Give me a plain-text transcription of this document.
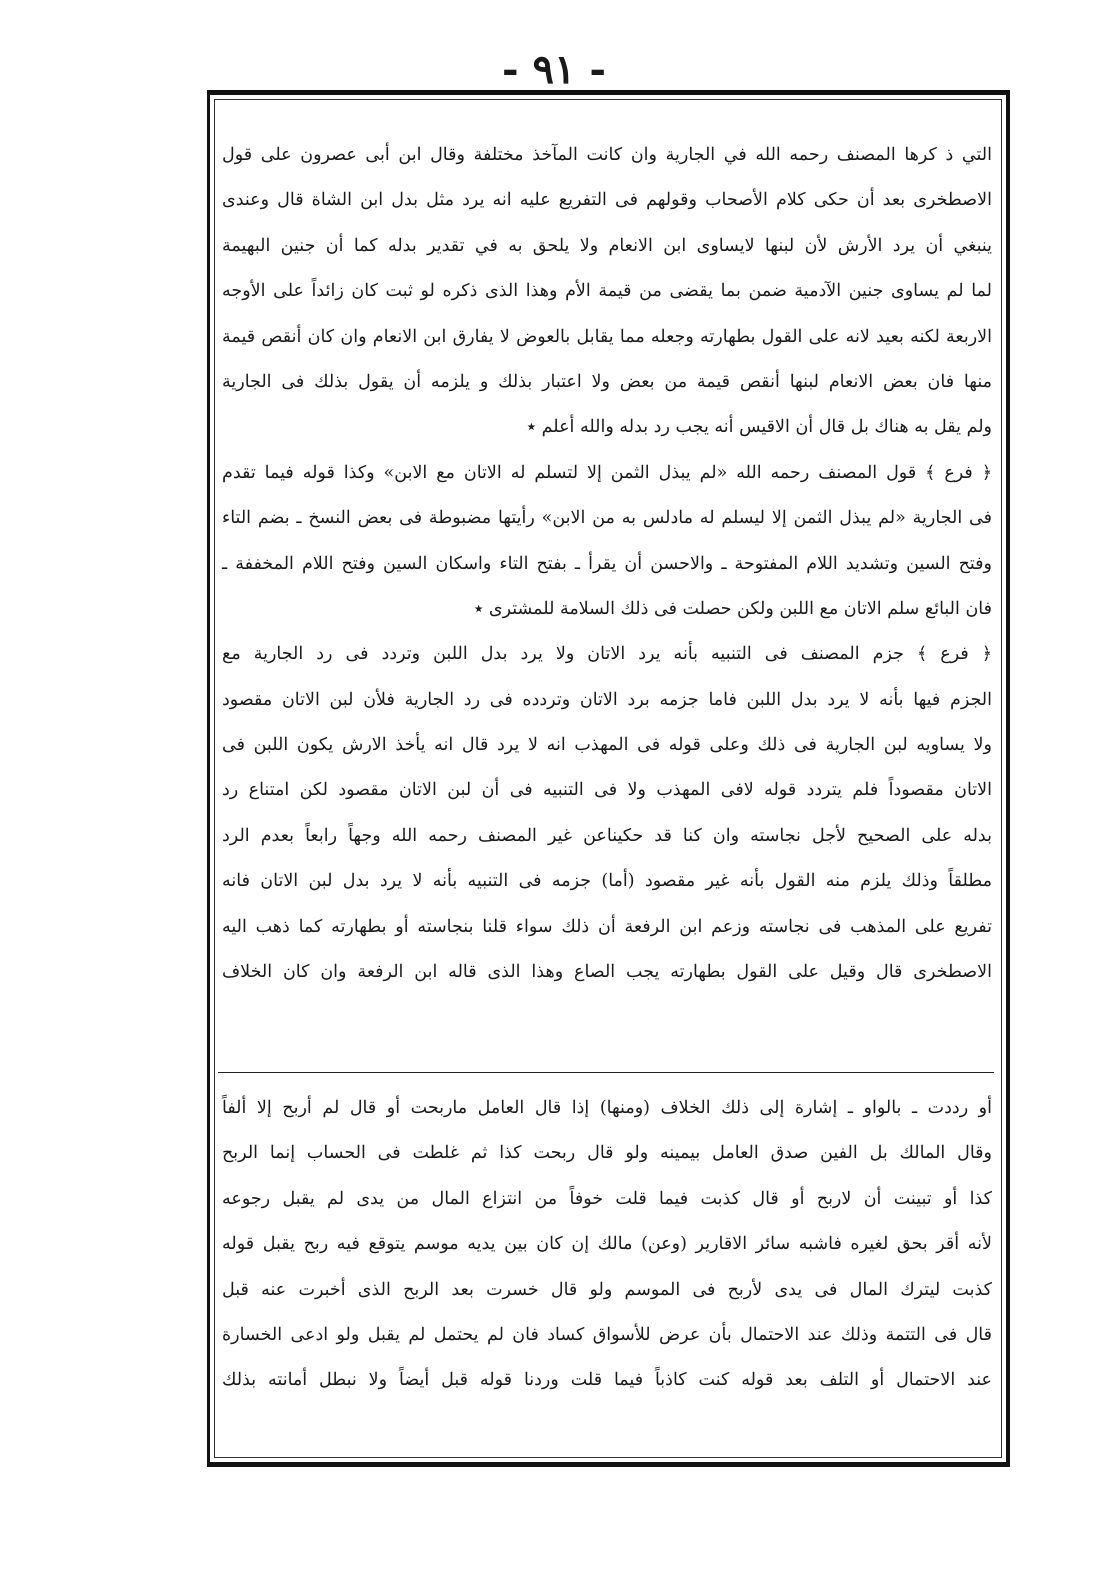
- ٩١ -
التي ذ كرها المصنف رحمه الله في الجارية وان كانت المآخذ مختلفة وقال ابن أبى عصرون على قول
الاصطخرى بعد أن حكى كلام الأصحاب وقولهم فى التفريع عليه انه يرد مثل بدل ابن الشاة قال وعندى
ينبغي أن يرد الأرش لأن لبنها لايساوى ابن الانعام ولا يلحق به في تقدير بدله كما أن جنين البهيمة
لما لم يساوى جنين الآدمية ضمن بما يقضى من قيمة الأم وهذا الذى ذكره لو ثبت كان زائداً على الأوجه
الاربعة لكنه بعيد لانه على القول بطهارته وجعله مما يقابل بالعوض لا يفارق ابن الانعام وان كان أنقص قيمة
منها فان بعض الانعام لبنها أنقص قيمة من بعض ولا اعتبار بذلك و يلزمه أن يقول بذلك فى الجارية
ولم يقل به هناك بل قال أن الاقيس أنه يجب رد بدله والله أعلم ٭
﴿ فرع ﴾ قول المصنف رحمه الله «لم يبذل الثمن إلا لتسلم له الاتان مع الابن» وكذا قوله فيما تقدم
فى الجارية «لم يبذل الثمن إلا ليسلم له مادلس به من الابن» رأيتها مضبوطة فى بعض النسخ ـ بضم التاء
وفتح السين وتشديد اللام المفتوحة ـ والاحسن أن يقرأ ـ بفتح التاء واسكان السين وفتح اللام المخففة ـ
فان البائع سلم الاتان مع اللبن ولكن حصلت فى ذلك السلامة للمشترى ٭
﴿ فرع ﴾ جزم المصنف فى التنبيه بأنه يرد الاتان ولا يرد بدل اللبن وتردد فى رد الجارية مع
الجزم فيها بأنه لا يرد بدل اللبن فاما جزمه برد الاتان وتردده فى رد الجارية فلأن لبن الاتان مقصود
ولا يساويه لبن الجارية فى ذلك وعلى قوله فى المهذب انه لا يرد قال انه يأخذ الارش يكون اللبن فى
الاتان مقصوداً فلم يتردد قوله لافى المهذب ولا فى التنبيه فى أن لبن الاتان مقصود لكن امتناع رد
بدله على الصحيح لأجل نجاسته وان كنا قد حكيناعن غير المصنف رحمه الله وجهاً رابعاً بعدم الرد
مطلقاً وذلك يلزم منه القول بأنه غير مقصود (أما) جزمه فى التنبيه بأنه لا يرد بدل لبن الاتان فانه
تفريع على المذهب فى نجاسته وزعم ابن الرفعة أن ذلك سواء قلنا بنجاسته أو بطهارته كما ذهب اليه
الاصطخرى قال وقيل على القول بطهارته يجب الصاع وهذا الذى قاله ابن الرفعة وان كان الخلاف
أو رددت ـ بالواو ـ إشارة إلى ذلك الخلاف (ومنها) إذا قال العامل ماربحت أو قال لم أربح إلا ألفاً
وقال المالك بل الفين صدق العامل بيمينه ولو قال ربحت كذا ثم غلطت فى الحساب إنما الربح
كذا أو تبينت أن لاربح أو قال كذبت فيما قلت خوفاً من انتزاع المال من يدى لم يقبل رجوعه
لأنه أقر بحق لغيره فاشبه سائر الاقارير (وعن) مالك إن كان بين يديه موسم يتوقع فيه ربح يقبل قوله
كذبت ليترك المال فى يدى لأربح فى الموسم ولو قال خسرت بعد الربح الذى أخبرت عنه قبل
قال فى التتمة وذلك عند الاحتمال بأن عرض للأسواق كساد فان لم يحتمل لم يقبل ولو ادعى الخسارة
عند الاحتمال أو التلف بعد قوله كنت كاذباً فيما قلت وردنا قوله قبل أيضاً ولا نبطل أمانته بذلك
